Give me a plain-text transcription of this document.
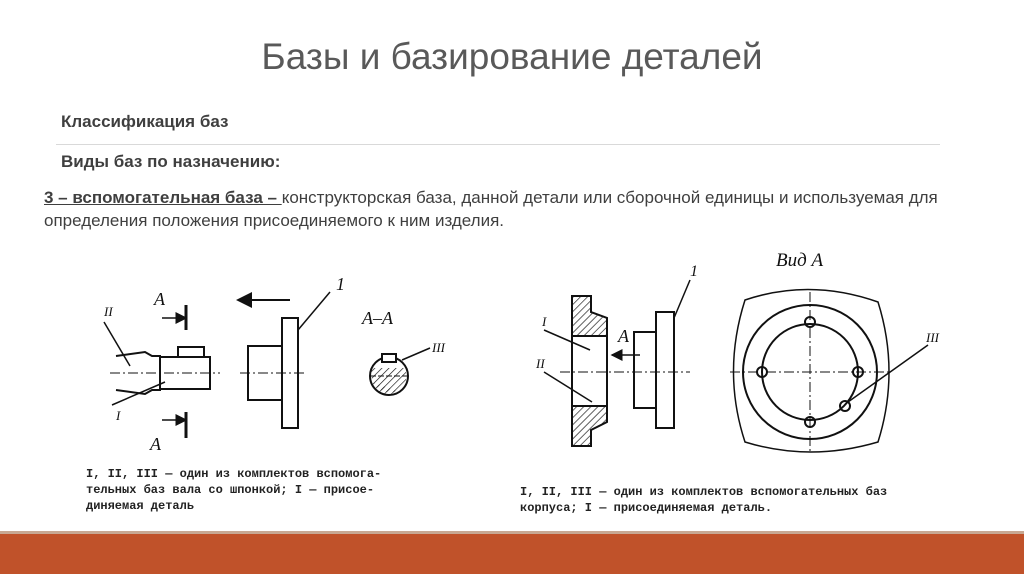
Базы и базирование деталей
Классификация баз
Виды баз по назначению:
3 – вспомогательная база – конструкторская база, данной детали или сборочной единицы и используемая для определения положения присоединяемого к ним изделия.
II
I
А
А
1
А–А
III
I
II
А
1
Вид А
III
I, II, III — один из комплектов вспомога-
тельных баз вала со шпонкой; I — присое-
диняемая деталь
I, II, III — один из комплектов вспомогательных баз
корпуса; I — присоединяемая деталь.
